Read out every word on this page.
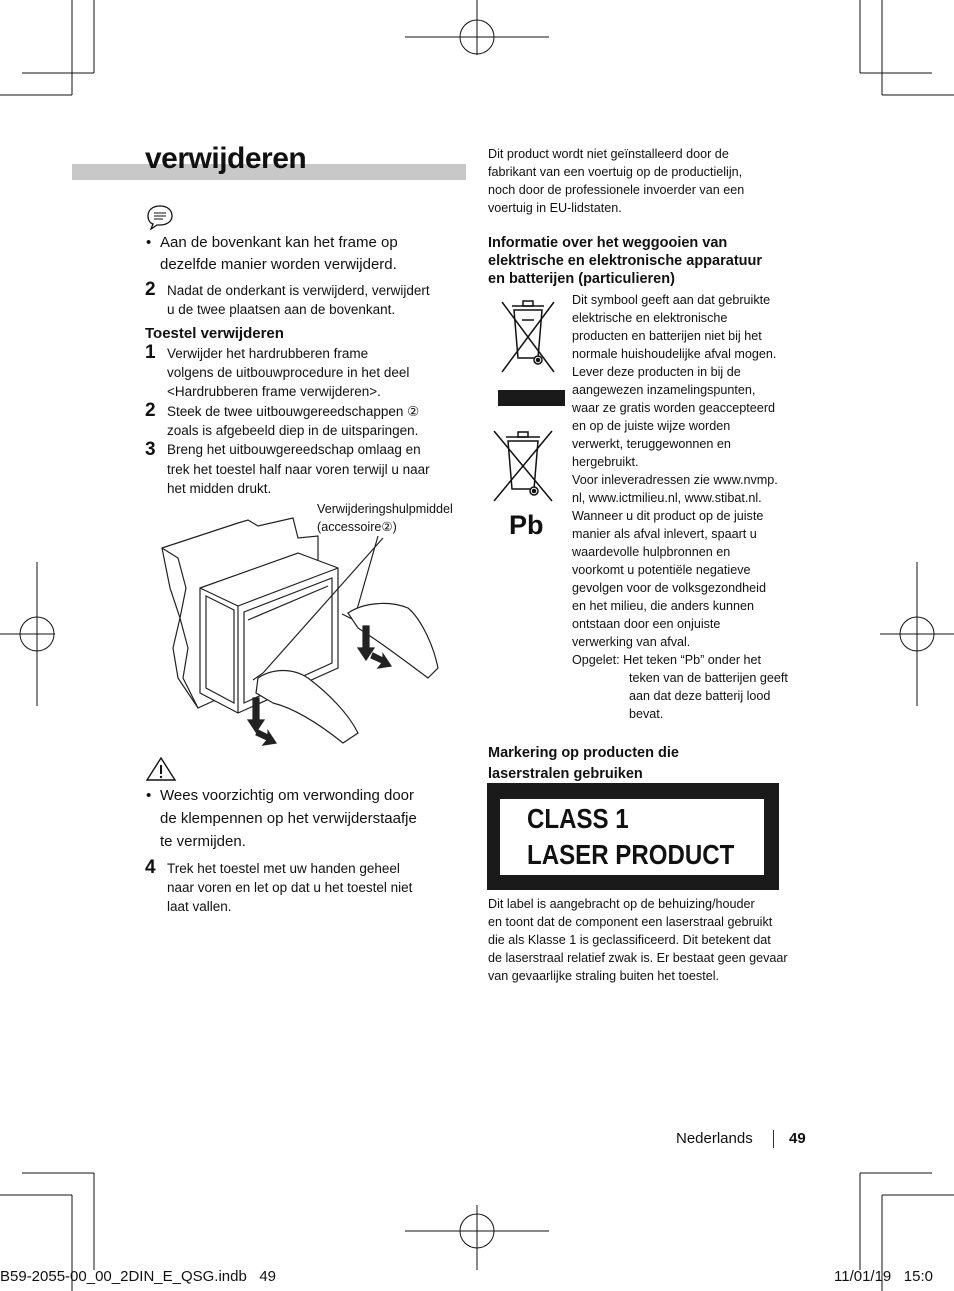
verwijderen
• Aan de bovenkant kan het frame op dezelfde manier worden verwijderd.
2 Nadat de onderkant is verwijderd, verwijdert
u de twee plaatsen aan de bovenkant.
Toestel verwijderen
1 Verwijder het hardrubberen frame
volgens de uitbouwprocedure in het deel
<Hardrubberen frame verwijderen>.
2 Steek de twee uitbouwgereedschappen ②
zoals is afgebeeld diep in de uitsparingen.
3 Breng het uitbouwgereedschap omlaag en
trek het toestel half naar voren terwijl u naar
het midden drukt.
Verwijderingshulpmiddel
(accessoire②)
• Wees voorzichtig om verwonding door
de klempennen op het verwijderstaafje
te vermijden.
4 Trek het toestel met uw handen geheel
naar voren en let op dat u het toestel niet
laat vallen.
Dit product wordt niet geïnstalleerd door de
fabrikant van een voertuig op de productielijn,
noch door de professionele invoerder van een
voertuig in EU-lidstaten.
Informatie over het weggooien van
elektrische en elektronische apparatuur
en batterijen (particulieren)
Pb
Dit symbool geeft aan dat gebruikte
elektrische en elektronische
producten en batterijen niet bij het
normale huishoudelijke afval mogen.
Lever deze producten in bij de
aangewezen inzamelingspunten,
waar ze gratis worden geaccepteerd
en op de juiste wijze worden
verwerkt, teruggewonnen en
hergebruikt.
Voor inleveradressen zie www.nvmp.
nl, www.ictmilieu.nl, www.stibat.nl.
Wanneer u dit product op de juiste
manier als afval inlevert, spaart u
waardevolle hulpbronnen en
voorkomt u potentiële negatieve
gevolgen voor de volksgezondheid
en het milieu, die anders kunnen
ontstaan door een onjuiste
verwerking van afval.
Opgelet: Het teken “Pb” onder het
teken van de batterijen geeft
aan dat deze batterij lood
bevat.
Markering op producten die
laserstralen gebruiken
CLASS 1
LASER PRODUCT
Dit label is aangebracht op de behuizing/houder
en toont dat de component een laserstraal gebruikt
die als Klasse 1 is geclassificeerd. Dit betekent dat
de laserstraal relatief zwak is. Er bestaat geen gevaar
van gevaarlijke straling buiten het toestel.
Nederlands 49
B59-2055-00_00_2DIN_E_QSG.indb   49	11/01/19   15:0
